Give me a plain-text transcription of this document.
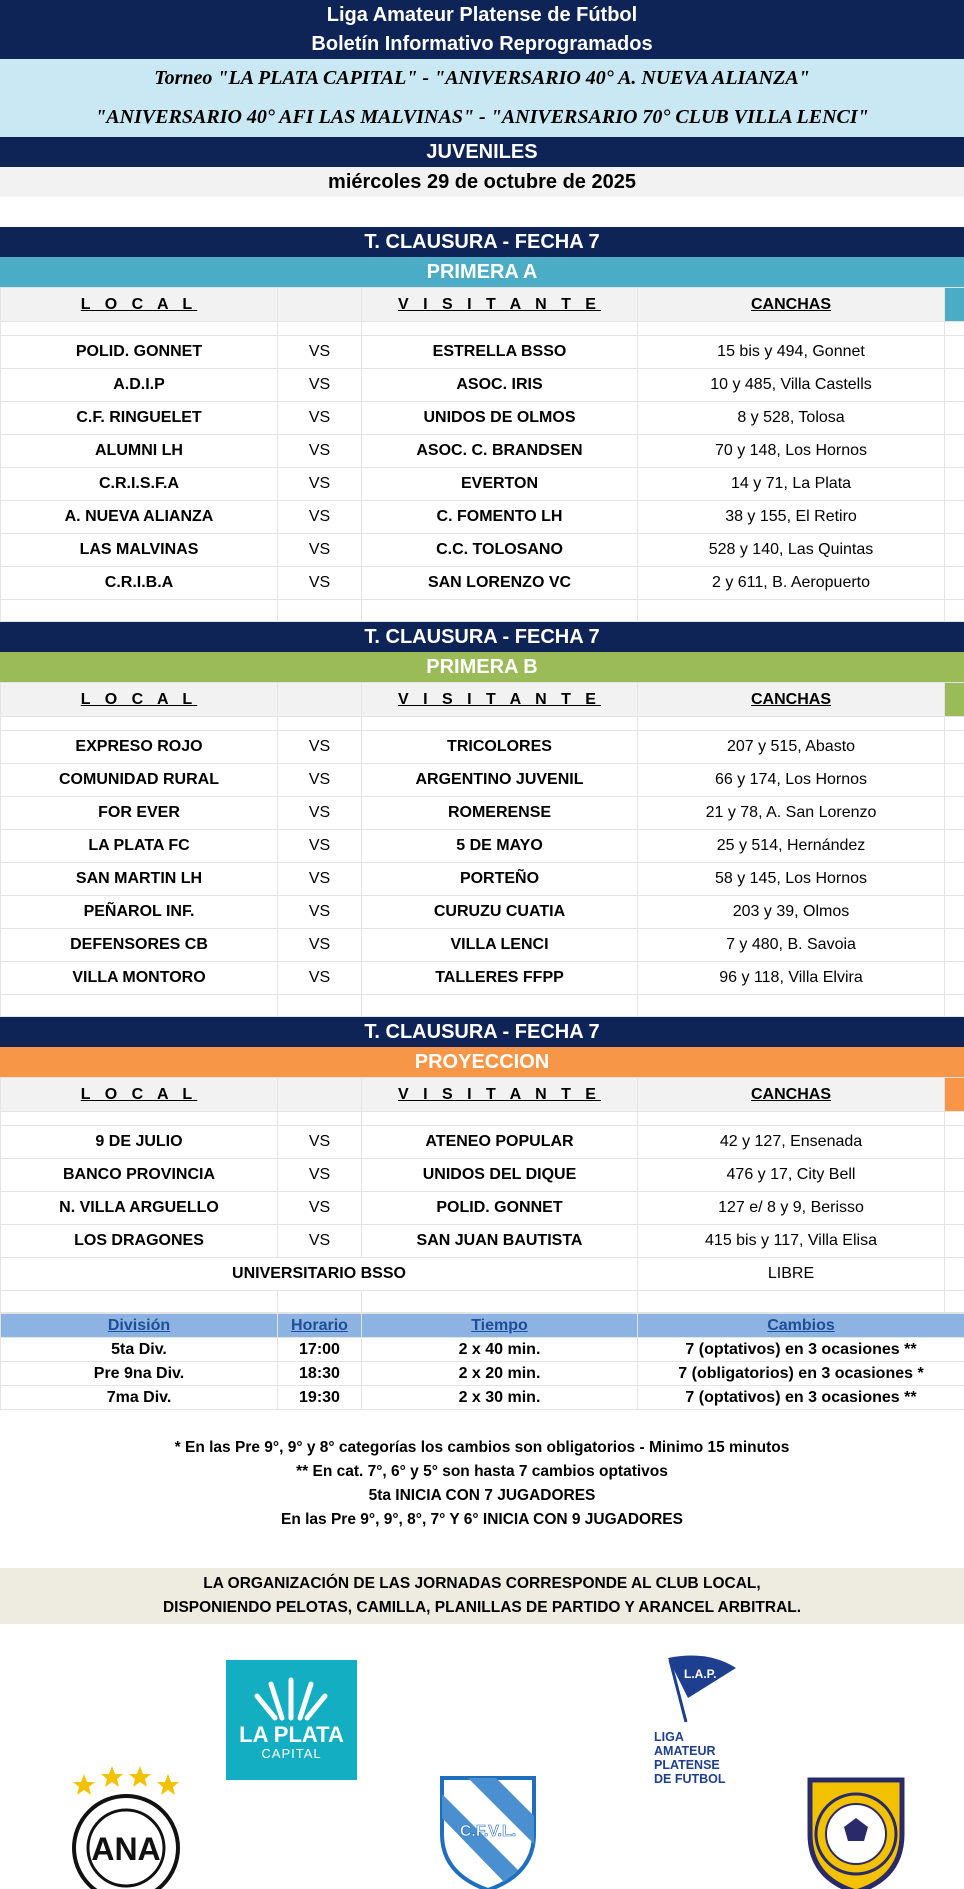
Liga Amateur Platense de Fútbol
Boletín Informativo Reprogramados
Torneo "LA PLATA CAPITAL" - "ANIVERSARIO 40° A. NUEVA ALIANZA"
"ANIVERSARIO 40° AFI LAS MALVINAS" - "ANIVERSARIO 70° CLUB VILLA LENCI"
JUVENILES
miércoles 29 de octubre de 2025
T. CLAUSURA - FECHA 7
PRIMERA A
L O C A L		V I S I T A N T E	CANCHAS	

POLID. GONNET	VS	ESTRELLA BSSO	15 bis y 494, Gonnet	
A.D.I.P	VS	ASOC. IRIS	10 y 485, Villa Castells	
C.F. RINGUELET	VS	UNIDOS DE OLMOS	8 y 528, Tolosa	
ALUMNI LH	VS	ASOC. C. BRANDSEN	70 y 148, Los Hornos	
C.R.I.S.F.A	VS	EVERTON	14 y 71, La Plata	
A. NUEVA ALIANZA	VS	C. FOMENTO LH	38 y 155, El Retiro	
LAS MALVINAS	VS	C.C. TOLOSANO	528 y 140, Las Quintas	
C.R.I.B.A	VS	SAN LORENZO VC	2 y 611, B. Aeropuerto	

T. CLAUSURA - FECHA 7
PRIMERA B
L O C A L		V I S I T A N T E	CANCHAS	

EXPRESO ROJO	VS	TRICOLORES	207 y 515, Abasto	
COMUNIDAD RURAL	VS	ARGENTINO JUVENIL	66 y 174, Los Hornos	
FOR EVER	VS	ROMERENSE	21 y 78, A. San Lorenzo	
LA PLATA FC	VS	5 DE MAYO	25 y 514, Hernández	
SAN MARTIN LH	VS	PORTEÑO	58 y 145, Los Hornos	
PEÑAROL INF.	VS	CURUZU CUATIA	203 y 39, Olmos	
DEFENSORES CB	VS	VILLA LENCI	7 y 480, B. Savoia	
VILLA MONTORO	VS	TALLERES FFPP	96 y 118, Villa Elvira	

T. CLAUSURA - FECHA 7
PROYECCION
L O C A L		V I S I T A N T E	CANCHAS	

9 DE JULIO	VS	ATENEO POPULAR	42 y 127, Ensenada	
BANCO PROVINCIA	VS	UNIDOS DEL DIQUE	476 y 17, City Bell	
N. VILLA ARGUELLO	VS	POLID. GONNET	127 e/ 8 y 9, Berisso	
LOS DRAGONES	VS	SAN JUAN BAUTISTA	415 bis y 117, Villa Elisa	
UNIVERSITARIO BSSO			LIBRE	

División	Horario	Tiempo	Cambios
5ta Div.	17:00	2 x 40 min.	7 (optativos) en 3 ocasiones **
Pre 9na Div.	18:30	2 x 20 min.	7 (obligatorios) en 3 ocasiones *
7ma Div.	19:30	2 x 30 min.	7 (optativos) en 3 ocasiones **
* En las Pre 9°, 9° y 8° categorías los cambios son obligatorios - Minimo 15 minutos
** En cat. 7°, 6° y 5° son hasta 7 cambios optativos
5ta INICIA CON 7 JUGADORES
En las Pre 9°, 9°, 8°, 7° Y 6° INICIA CON 9 JUGADORES
LA ORGANIZACIÓN DE LAS JORNADAS CORRESPONDE AL CLUB LOCAL,
DISPONIENDO PELOTAS, CAMILLA, PLANILLAS DE PARTIDO Y ARANCEL ARBITRAL.
LA PLATA
CAPITAL
L.A.P.
LIGA
AMATEUR
PLATENSE
DE FUTBOL
ANA	C.F.V.L.
